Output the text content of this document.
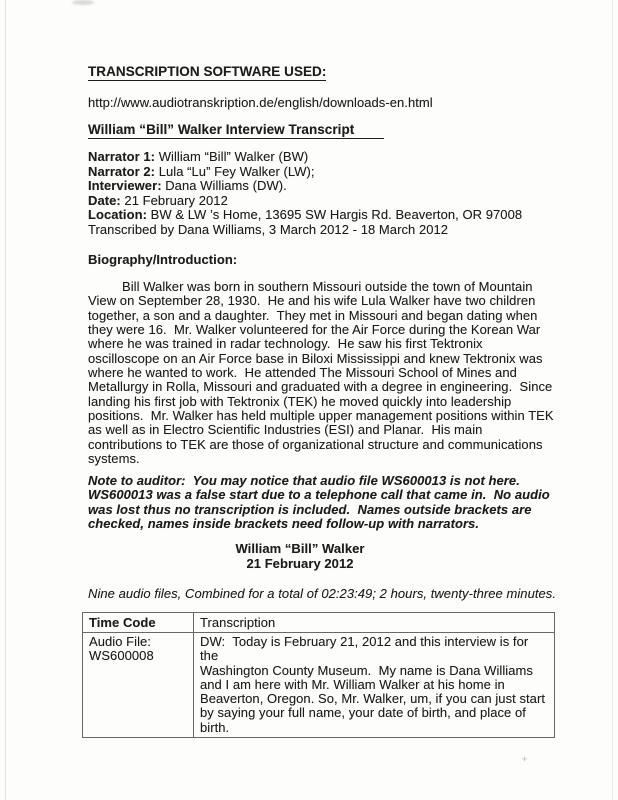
+
TRANSCRIPTION SOFTWARE USED:
http://www.audiotranskription.de/english/downloads-en.html
William “Bill” Walker Interview Transcript
Narrator 1: William “Bill” Walker (BW)
Narrator 2: Lula “Lu” Fey Walker (LW);
Interviewer: Dana Williams (DW).
Date: 21 February 2012
Location: BW & LW ’s Home, 13695 SW Hargis Rd. Beaverton, OR 97008
Transcribed by Dana Williams, 3 March 2012 - 18 March 2012
Biography/Introduction:
Bill Walker was born in southern Missouri outside the town of Mountain
View on September 28, 1930.  He and his wife Lula Walker have two children
together, a son and a daughter.  They met in Missouri and began dating when
they were 16.  Mr. Walker volunteered for the Air Force during the Korean War
where he was trained in radar technology.  He saw his first Tektronix
oscilloscope on an Air Force base in Biloxi Mississippi and knew Tektronix was
where he wanted to work.  He attended The Missouri School of Mines and
Metallurgy in Rolla, Missouri and graduated with a degree in engineering.  Since
landing his first job with Tektronix (TEK) he moved quickly into leadership
positions.  Mr. Walker has held multiple upper management positions within TEK
as well as in Electro Scientific Industries (ESI) and Planar.  His main
contributions to TEK are those of organizational structure and communications
systems.
Note to auditor:  You may notice that audio file WS600013 is not here.
WS600013 was a false start due to a telephone call that came in.  No audio
was lost thus no transcription is included.  Names outside brackets are
checked, names inside brackets need follow-up with narrators.
William “Bill” Walker
21 February 2012
Nine audio files, Combined for a total of 02:23:49; 2 hours, twenty-three minutes.
Time Code	Transcription
Audio File:
WS600008	DW:  Today is February 21, 2012 and this interview is for the
Washington County Museum.  My name is Dana Williams
and I am here with Mr. William Walker at his home in
Beaverton, Oregon. So, Mr. Walker, um, if you can just start
by saying your full name, your date of birth, and place of birth.
